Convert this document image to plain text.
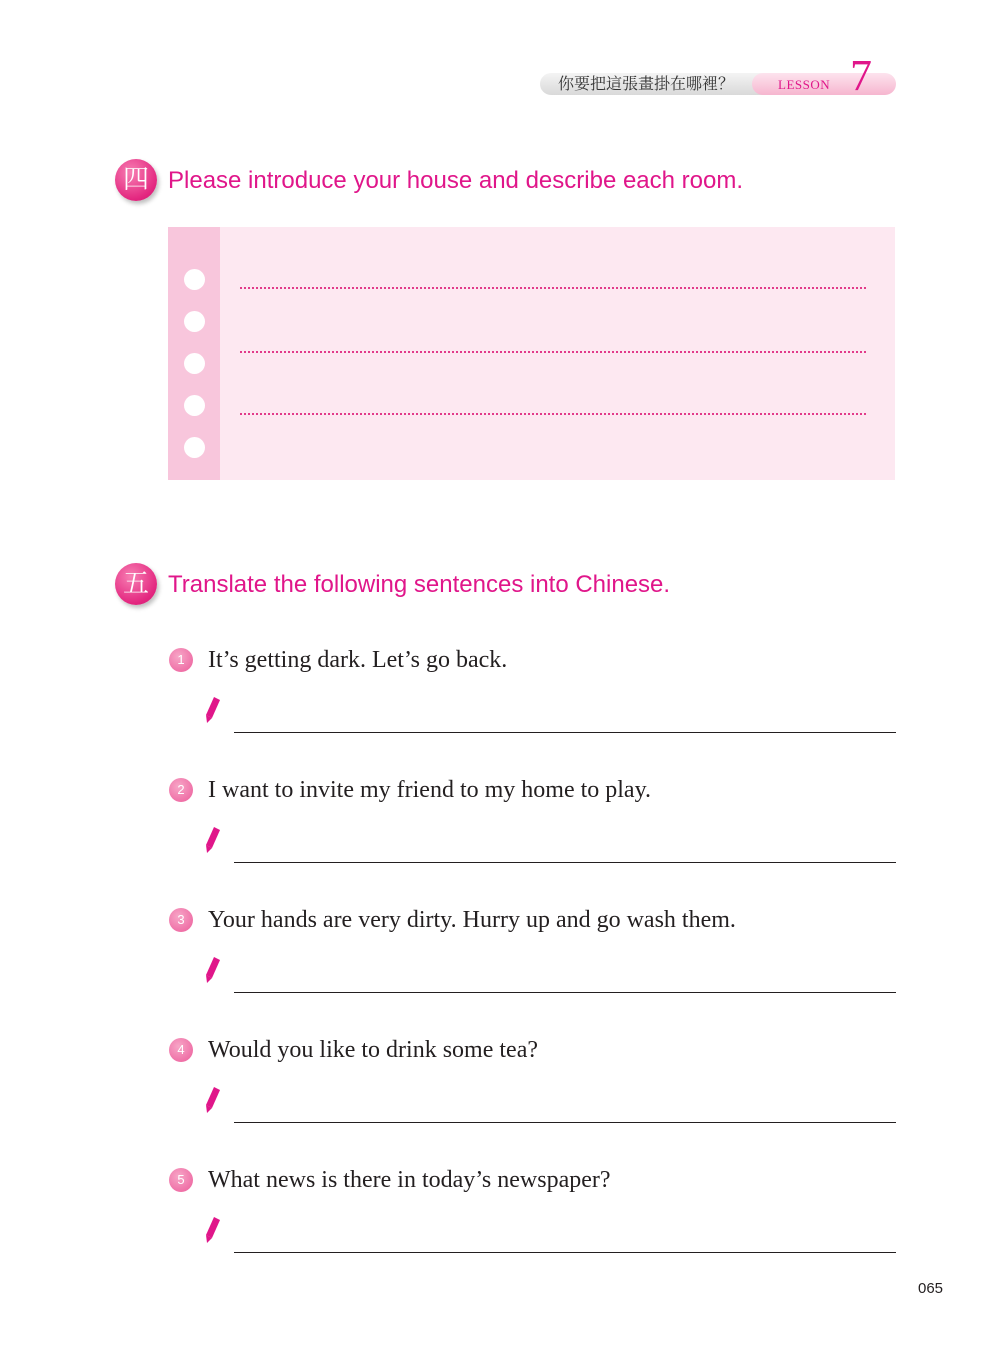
你要把這張畫掛在哪裡？	LESSON 7
四 Please introduce your house and describe each room.
五 Translate the following sentences into Chinese.
1 It’s getting dark. Let’s go back.
2 I want to invite my friend to my home to play.
3 Your hands are very dirty. Hurry up and go wash them.
4 Would you like to drink some tea?
5 What news is there in today’s newspaper?
065
